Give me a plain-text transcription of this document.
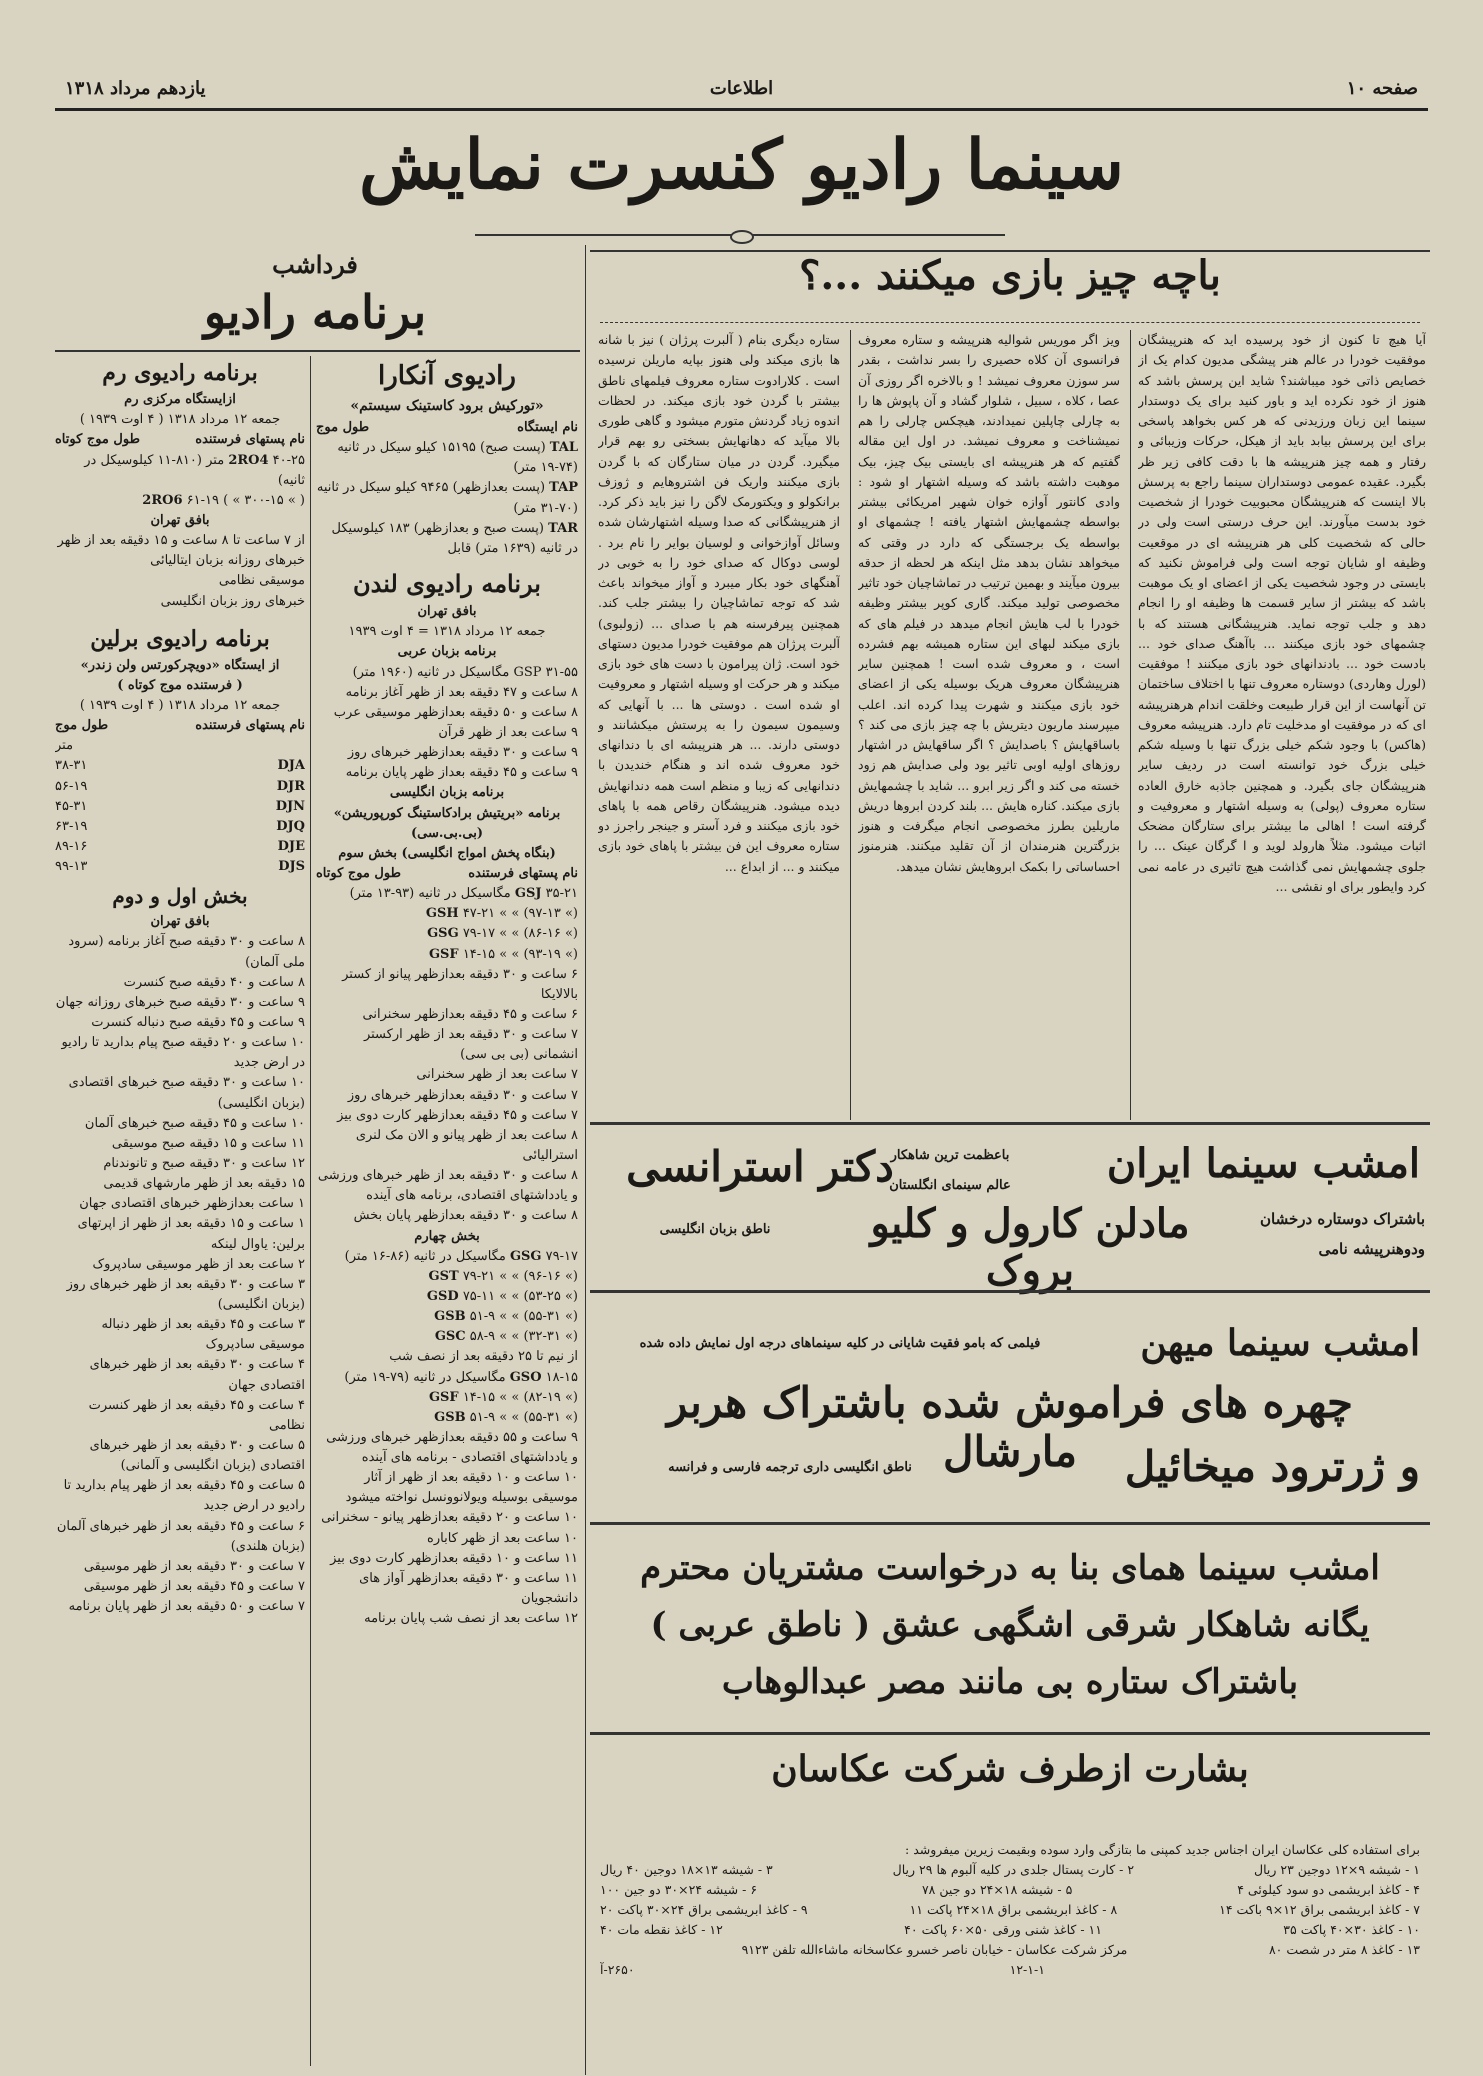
صفحه ۱۰
اطلاعات
یازدهم مرداد ۱۳۱۸
سینما رادیو کنسرت نمایش
باچه چیز بازی میکنند ...؟
آیا هیچ تا کنون از خود پرسیده اید که هنرپیشگان موفقیت خودرا در عالم هنر پیشگی مدیون کدام یک از خصایص ذاتی خود میباشند؟ شاید این پرسش باشد که هنوز از خود نکرده اید و باور کنید برای یک دوستدار سینما این زبان ورزیدنی که هر کس بخواهد پاسخی برای این پرسش بیابد باید از هیکل، حرکات وزیبائی و رفتار و همه چیز هنرپیشه ها با دقت کافی زیر ظر بگیرد. عقیده عمومی دوستداران سینما راجع به پرسش بالا اینست که هنرپیشگان محبوبیت خودرا از شخصیت خود بدست میآورند. این حرف درستی است ولی در حالی که شخصیت کلی هر هنرپیشه ای در موقعیت وظیفه او شایان توجه است ولی فراموش نکنید که بایستی در وجود شخصیت یکی از اعضای او یک موهبت باشد که بیشتر از سایر قسمت ها وظیفه او را انجام دهد و جلب توجه نماید. هنرپیشگانی هستند که با چشمهای خود بازی میکنند ... باآهنگ صدای خود ... بادست خود ... بادندانهای خود بازی میکنند ! موفقیت (لورل وهاردی) دوستاره معروف تنها با اختلاف ساختمان تن آنهاست از این قرار طبیعت وخلقت اندام هرهنرپیشه ای که در موفقیت او مدخلیت تام دارد. هنرپیشه معروف (هاکس) با وجود شکم خیلی بزرگ تنها با وسیله شکم خیلی بزرگ خود توانسته است در ردیف سایر هنرپیشگان جای بگیرد. و همچنین جاذبه خارق العاده ستاره معروف (پولی) به وسیله اشتهار و معروفیت و گرفته است ! اهالی ما بیشتر برای ستارگان مضحک اثبات میشود. مثلاً هارولد لوید و ا گرگان عینک ... را جلوی چشمهایش نمی گذاشت هیچ تاثیری در عامه نمی کرد وایطور برای او نقشی ...
ویز اگر موریس شوالیه هنرپیشه و ستاره معروف فرانسوی آن کلاه حصیری را بسر نداشت ، بقدر سر سوزن معروف نمیشد ! و بالاخره اگر روزی آن عصا ، کلاه ، سبیل ، شلوار گشاد و آن پاپوش ها را به چارلی چاپلین نمیدادند، هیچکس چارلی را هم نمیشناخت و معروف نمیشد. در اول این مقاله گفتیم که هر هنرپیشه ای بایستی بیک چیز، بیک موهبت داشته باشد که وسیله اشتهار او شود : وادی کانتور آوازه خوان شهیر امریکائی بیشتر بواسطه چشمهایش اشتهار یافته ! چشمهای او بواسطه یک برجستگی که دارد در وقتی که میخواهد نشان بدهد مثل اینکه هر لحظه از حدقه بیرون میآیند و بهمین ترتیب در تماشاچیان خود تاثیر مخصوصی تولید میکند. گاری کوپر بیشتر وظیفه خودرا با لب هایش انجام میدهد در فیلم های که بازی میکند لبهای این ستاره همیشه بهم فشرده است ، و معروف شده است ! همچنین سایر هنرپیشگان معروف هریک بوسیله یکی از اعضای خود بازی میکنند و شهرت پیدا کرده اند. اعلب میپرسند ماریون دیتریش با چه چیز بازی می کند ؟ باساقهایش ؟ باصدایش ؟ اگر ساقهایش در اشتهار روزهای اولیه اوبی تاثیر بود ولی صدایش هم زود خسته می کند و اگر زیر ابرو ... شاید با چشمهایش بازی میکند. کناره هایش ... بلند کردن ابروها دریش ماریلین بطرز مخصوصی انجام میگرفت و هنوز بزرگترین هنرمندان از آن تقلید میکنند. هنرمنوز احساساتی را بکمک ابروهایش نشان میدهد.
ستاره دیگری بنام ( آلبرت پرژان ) نیز با شانه ها بازی میکند ولی هنوز بپایه ماریلن نرسیده است . کلارادوت ستاره معروف فیلمهای ناطق بیشتر با گردن خود بازی میکند. در لحظات اندوه زیاد گردنش متورم میشود و گاهی طوری بالا میآید که دهانهایش بسختی رو بهم قرار میگیرد. گردن در میان ستارگان که با گردن بازی میکنند واریک فن اشتروهایم و ژوزف برانکولو و ویکتورمک لاگن را نیز باید ذکر کرد. از هنرپیشگانی که صدا وسیله اشتهارشان شده وسائل آوازخوانی و لوسیان بوایر را نام برد . لوسی دوکال که صدای خود را به خوبی در آهنگهای خود بکار میبرد و آواز میخواند باعث شد که توجه تماشاچیان را بیشتر جلب کند. همچنین پیرفرسنه هم با صدای ... (زولبوی) آلبرت پرژان هم موفقیت خودرا مدیون دستهای خود است. ژان پیرامون با دست های خود بازی میکند و هر حرکت او وسیله اشتهار و معروفیت او شده است . دوستی ها ... با آنهایی که وسیمون سیمون را به پرستش میکشانند و دوستی دارند. ... هر هنرپیشه ای با دندانهای خود معروف شده اند و هنگام خندیدن با دندانهایی که زیبا و منظم است همه دندانهایش دیده میشود. هنرپیشگان رقاص همه با پاهای خود بازی میکنند و فرد آستر و جینجر راجرز دو ستاره معروف این فن بیشتر با پاهای خود بازی میکنند و ... از ابداع ...
فرداشب
برنامه رادیو
رادیوی آنکارا
«تورکیش برود کاستینک سیستم»
نام ایستگاه
طول موج
TAL (پست صبح) ۱۵۱۹۵ کیلو سیکل در ثانیه (۷۴-۱۹ متر)
TAP (پست بعدازظهر) ۹۴۶۵ کیلو سیکل در ثانیه (۷۰-۳۱ متر)
TAR (پست صبح و بعدازظهر) ۱۸۳ کیلوسیکل در ثانیه (۱۶۳۹ متر) قابل
برنامه رادیوی لندن
بافق تهران
جمعه ۱۲ مرداد ۱۳۱۸ = ۴ اوت ۱۹۳۹
برنامه بزبان عربی
GSP ۳۱-۵۵ مگاسیکل در ثانیه (۱۹۶۰ متر)
۸ ساعت و ۴۷ دقیقه بعد از ظهر آغاز برنامه
۸ ساعت و ۵۰ دقیقه بعدازظهر موسیقی عرب
۹ ساعت بعد از ظهر قرآن
۹ ساعت و ۳۰ دقیقه بعدازظهر خبرهای روز
۹ ساعت و ۴۵ دقیقه بعداز ظهر پایان برنامه
برنامه بزبان انگلیسی
برنامه «بریتیش برادکاستینگ کورپوریشن» (بی.بی.سی)
(بنگاه پخش امواج انگلیسی) بخش سوم
نام پستهای فرستنده
طول موج کوتاه
GSJ ۳۵-۲۱ مگاسیکل در ثانیه (۹۳-۱۳ متر)
GSH ۴۷-۲۱ « « (۹۷-۱۳ «)
GSG ۷۹-۱۷ « « (۸۶-۱۶ «)
GSF ۱۴-۱۵ « « (۹۳-۱۹ «)
۶ ساعت و ۳۰ دقیقه بعدازظهر پیانو از کستر بالالایکا
۶ ساعت و ۴۵ دقیقه بعدازظهر سخنرانی
۷ ساعت و ۳۰ دقیقه بعد از ظهر ارکستر انشمانی (بی بی سی)
۷ ساعت بعد از ظهر سخنرانی
۷ ساعت و ۳۰ دقیقه بعدازظهر خبرهای روز
۷ ساعت و ۴۵ دقیقه بعدازظهر کارت دوی بیز
۸ ساعت بعد از ظهر پیانو و الان مک لنری
استرالیائی
۸ ساعت و ۳۰ دقیقه بعد از ظهر خبرهای ورزشی و یادداشتهای اقتصادی، برنامه های آینده
۸ ساعت و ۳۰ دقیقه بعدازظهر پایان بخش
بخش چهارم
GSG ۷۹-۱۷ مگاسیکل در ثانیه (۸۶-۱۶ متر)
GST ۷۹-۲۱ « « (۹۶-۱۶ «)
GSD ۷۵-۱۱ « « (۵۳-۲۵ «)
GSB ۵۱-۹ « « (۵۵-۳۱ «)
GSC ۵۸-۹ « « (۳۲-۳۱ «)
از نیم تا ۲۵ دقیقه بعد از نصف شب
GSO ۱۸-۱۵ مگاسیکل در ثانیه (۷۹-۱۹ متر)
GSF ۱۴-۱۵ « « (۸۲-۱۹ «)
GSB ۵۱-۹ « « (۵۵-۳۱ «)
۹ ساعت و ۵۵ دقیقه بعدازظهر خبرهای ورزشی و یادداشتهای اقتصادی - برنامه های آینده
۱۰ ساعت و ۱۰ دقیقه بعد از ظهر از آثار موسیقی بوسیله ویولانوونسل نواخته میشود
۱۰ ساعت و ۲۰ دقیقه بعدازظهر پیانو - سخنرانی
۱۰ ساعت بعد از ظهر کاباره
۱۱ ساعت و ۱۰ دقیقه بعدازظهر کارت دوی بیز
۱۱ ساعت و ۳۰ دقیقه بعدازظهر آواز های دانشجویان
۱۲ ساعت بعد از نصف شب پایان برنامه
برنامه رادیوی رم
ازایستگاه مرکزی رم
جمعه ۱۲ مرداد ۱۳۱۸ ( ۴ اوت ۱۹۳۹ )
نام پستهای فرستنده
طول موج کوتاه
2RO4 ۴۰-۲۵ متر (۸۱۰-۱۱ کیلوسیکل در ثانیه)
2RO6 ۶۱-۱۹ ( « ۳۰۰-۱۵ « )
بافق تهران
از ۷ ساعت تا ۸ ساعت و ۱۵ دقیقه بعد از ظهر
خبرهای روزانه بزبان ایتالیائی
موسیقی نظامی
خبرهای روز بزبان انگلیسی
برنامه رادیوی برلین
از ایستگاه «دویچرکورتس ولن زندر»
( فرستنده موج کوتاه )
جمعه ۱۲ مرداد ۱۳۱۸ ( ۴ اوت ۱۹۳۹ )
نام پستهای فرستنده
طول موج
متر
DJA
۳۸-۳۱
DJR
۵۶-۱۹
DJN
۴۵-۳۱
DJQ
۶۳-۱۹
DJE
۸۹-۱۶
DJS
۹۹-۱۳
بخش اول و دوم
بافق تهران
۸ ساعت و ۳۰ دقیقه صبح آغاز برنامه (سرود ملی آلمان)
۸ ساعت و ۴۰ دقیقه صبح کنسرت
۹ ساعت و ۳۰ دقیقه صبح خبرهای روزانه جهان
۹ ساعت و ۴۵ دقیقه صبح دنباله کنسرت
۱۰ ساعت و ۲۰ دقیقه صبح پیام بدارید تا رادیو در ارض جدید
۱۰ ساعت و ۳۰ دقیقه صبح خبرهای اقتصادی (بزبان انگلیسی)
۱۰ ساعت و ۴۵ دقیقه صبح خبرهای آلمان
۱۱ ساعت و ۱۵ دقیقه صبح موسیقی
۱۲ ساعت و ۳۰ دقیقه صبح و تانوندنام
۱۵ دقیقه بعد از ظهر مارشهای قدیمی
۱ ساعت بعدازظهر خبرهای اقتصادی جهان
۱ ساعت و ۱۵ دقیقه بعد از ظهر از اپرتهای برلین: یاوال لینکه
۲ ساعت بعد از ظهر موسیقی سادپروک
۳ ساعت و ۳۰ دقیقه بعد از ظهر خبرهای روز (بزبان انگلیسی)
۳ ساعت و ۴۵ دقیقه بعد از ظهر دنباله موسیقی سادپروک
۴ ساعت و ۳۰ دقیقه بعد از ظهر خبرهای اقتصادی جهان
۴ ساعت و ۴۵ دقیقه بعد از ظهر کنسرت نظامی
۵ ساعت و ۳۰ دقیقه بعد از ظهر خبرهای اقتصادی (بزبان انگلیسی و آلمانی)
۵ ساعت و ۴۵ دقیقه بعد از ظهر پیام بدارید تا رادیو در ارض جدید
۶ ساعت و ۴۵ دقیقه بعد از ظهر خبرهای آلمان (بزبان هلندی)
۷ ساعت و ۳۰ دقیقه بعد از ظهر موسیقی
۷ ساعت و ۴۵ دقیقه بعد از ظهر موسیقی
۷ ساعت و ۵۰ دقیقه بعد از ظهر پایان برنامه
امشب سینما ایران
باعظمت ترین شاهکار
عالم سینمای انگلستان
دکتر استرانسی
باشتراک دوستاره درخشان
ودوهنرپیشه نامی
مادلن کارول و کلیو بروک
ناطق بزبان انگلیسی
امشب سینما میهن
فیلمی که بامو فقیت شایانی در کلیه سینماهای درجه اول نمایش داده شده
چهره های فراموش شده باشتراک هربر مارشال	و ژرترود میخائیل
ناطق انگلیسی داری ترجمه فارسی و فرانسه
امشب سینما همای بنا به درخواست مشتریان محترم
یگانه شاهکار شرقی اشگهی عشق ( ناطق عربی )
باشتراک ستاره بی مانند مصر عبدالوهاب
بشارت ازطرف شرکت عکاسان
برای استفاده کلی عکاسان ایران اجناس جدید کمپنی ما بتازگی وارد سوده وبقیمت زیرین میفروشد :
۱ - شیشه ۹×۱۲ دوجین ۲۳ ریال
۲ - کارت پستال جلدی در کلیه آلبوم ها ۲۹ ریال
۳ - شیشه ۱۳×۱۸ دوجین ۴۰ ریال
۴ - کاغذ ابریشمی دو سود کیلوئی ۴
۵ - شیشه ۱۸×۲۴ دو جین ۷۸
۶ - شیشه ۲۴×۳۰ دو جین ۱۰۰
۷ - کاغذ ابریشمی براق ۱۲×۹ باکت ۱۴
۸ - کاغذ ابریشمی براق ۱۸×۲۴ پاکت ۱۱
۹ - کاغذ ابریشمی براق ۲۴×۳۰ پاکت ۲۰
۱۰ - کاغذ ۳۰×۴۰ پاکت ۳۵
۱۱ - کاغذ شنی ورقی ۵۰×۶۰ پاکت ۴۰
۱۲ - کاغذ نقطه مات ۴۰
۱۳ - کاغذ ۸ متر در شصت ۸۰
مرکز شرکت عکاسان - خیابان ناصر خسرو عکاسخانه ماشاءالله تلفن ۹۱۲۳
۱۲-۱-۱
۲۶۵۰-آ
